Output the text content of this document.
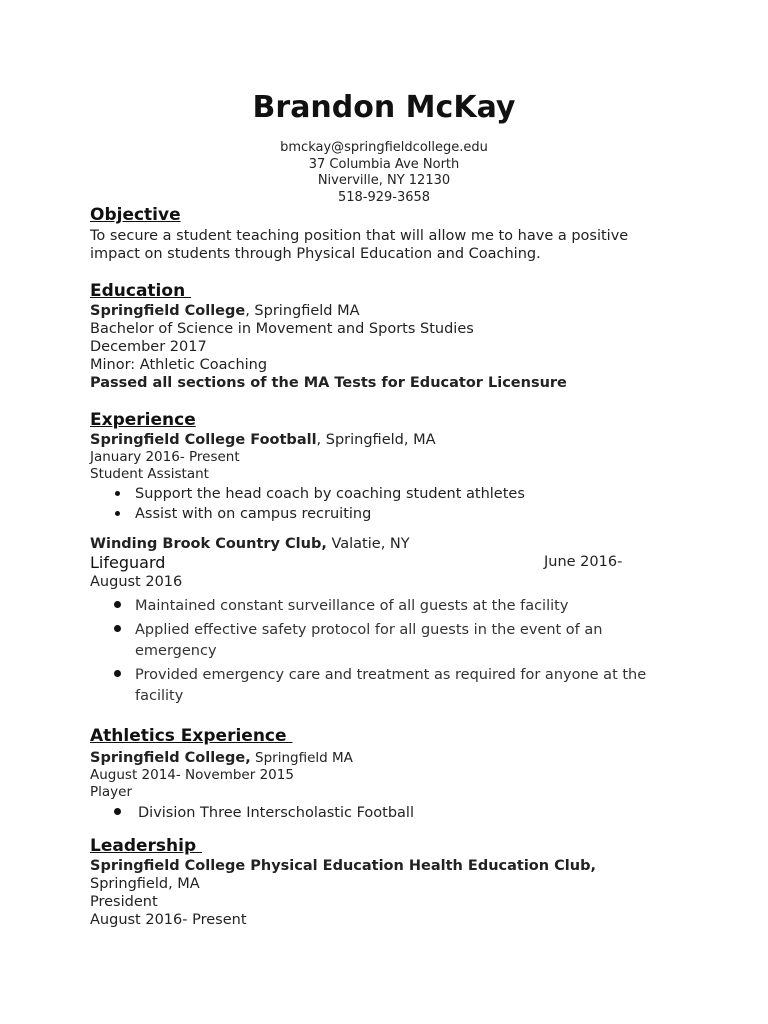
Brandon McKay
bmckay@springfieldcollege.edu
37 Columbia Ave North
Niverville, NY 12130
518-929-3658
Objective
To secure a student teaching position that will allow me to have a positive
impact on students through Physical Education and Coaching.
Education
Springfield College, Springfield MA
Bachelor of Science in Movement and Sports Studies
December 2017
Minor: Athletic Coaching
Passed all sections of the MA Tests for Educator Licensure
Experience
Springfield College Football, Springfield, MA
January 2016- Present
Student Assistant
Support the head coach by coaching student athletes
Assist with on campus recruiting
Winding Brook Country Club, Valatie, NY
Lifeguard	June 2016-
August 2016
Maintained constant surveillance of all guests at the facility
Applied effective safety protocol for all guests in the event of an emergency
Provided emergency care and treatment as required for anyone at the facility
Athletics Experience
Springfield College, Springfield MA
August 2014- November 2015
Player
Division Three Interscholastic Football
Leadership
Springfield College Physical Education Health Education Club,
Springfield, MA
President
August 2016- Present
